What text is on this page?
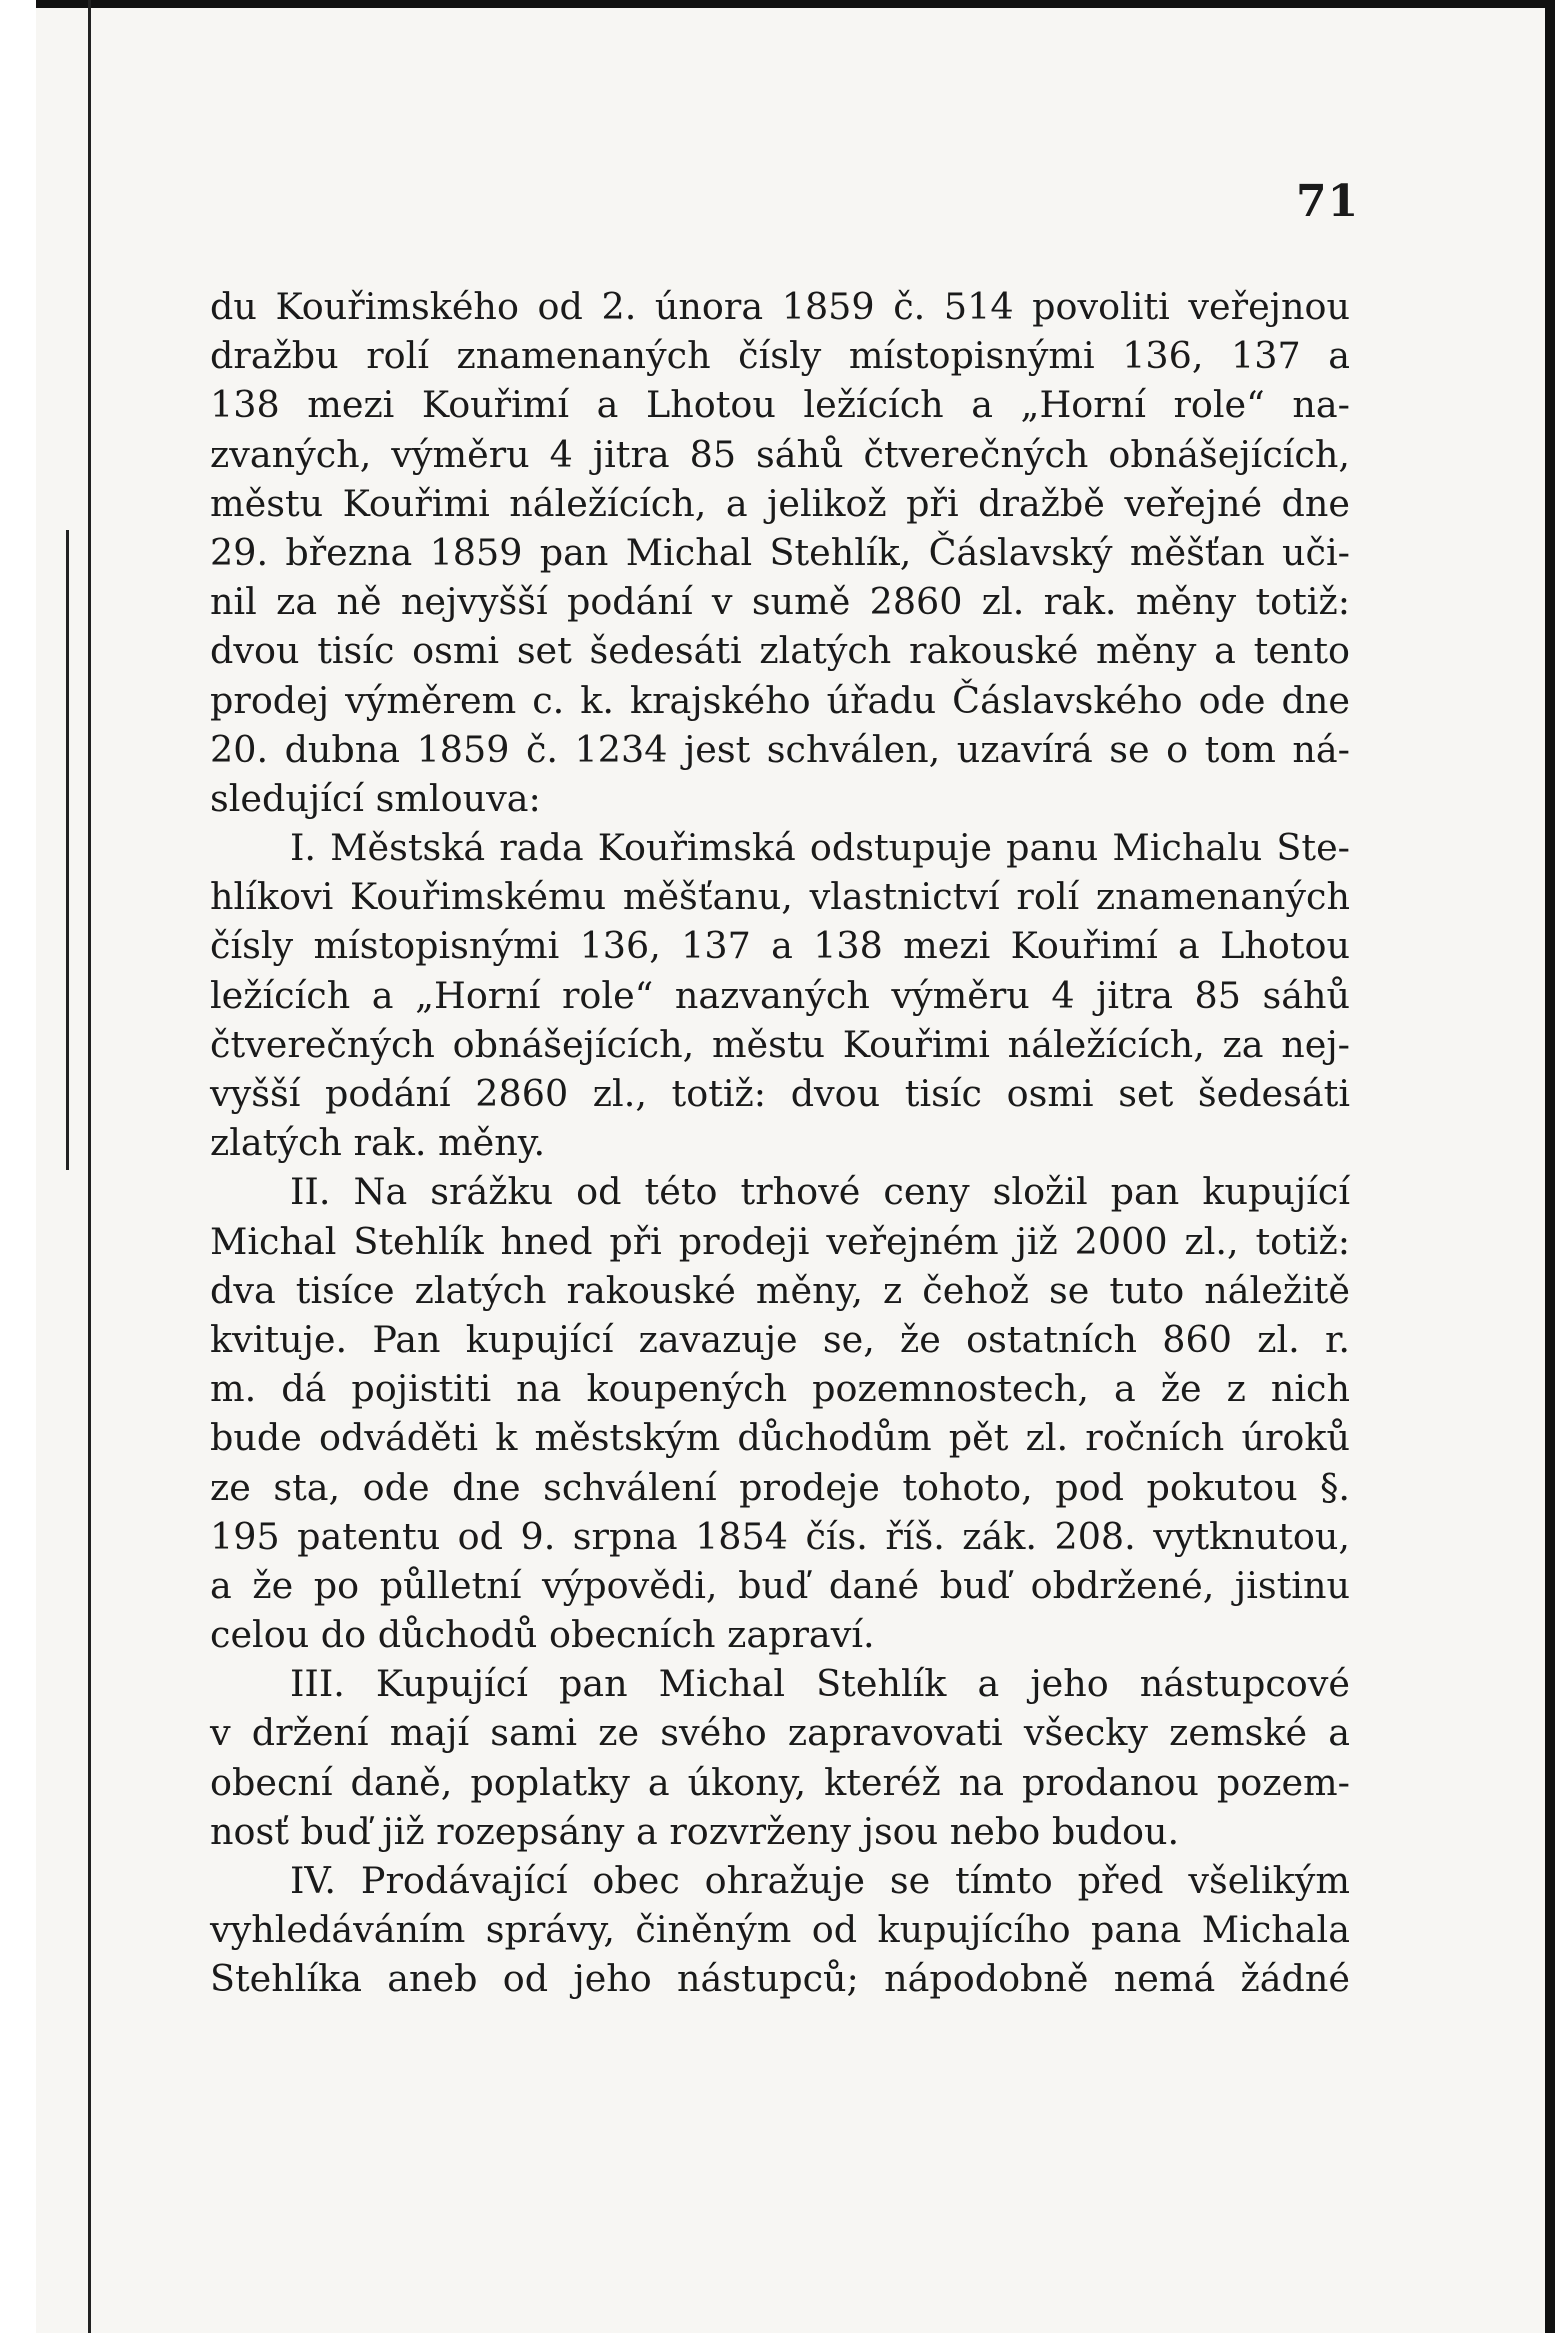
71
du Kouřimského od 2. února 1859 č. 514 povoliti veřejnou
dražbu rolí znamenaných čísly místopisnými 136, 137 a
138 mezi Kouřimí a Lhotou ležících a „Horní role“ na-
zvaných, výměru 4 jitra 85 sáhů čtverečných obnášejících,
městu Kouřimi náležících, a jelikož při dražbě veřejné dne
29. března 1859 pan Michal Stehlík, Čáslavský měšťan uči-
nil za ně nejvyšší podání v sumě 2860 zl. rak. měny totiž:
dvou tisíc osmi set šedesáti zlatých rakouské měny a tento
prodej výměrem c. k. krajského úřadu Čáslavského ode dne
20. dubna 1859 č. 1234 jest schválen, uzavírá se o tom ná-
sledující smlouva:
I. Městská rada Kouřimská odstupuje panu Michalu Ste-
hlíkovi Kouřimskému měšťanu, vlastnictví rolí znamenaných
čísly místopisnými 136, 137 a 138 mezi Kouřimí a Lhotou
ležících a „Horní role“ nazvaných výměru 4 jitra 85 sáhů
čtverečných obnášejících, městu Kouřimi náležících, za nej-
vyšší podání 2860 zl., totiž: dvou tisíc osmi set šedesáti
zlatých rak. měny.
II. Na srážku od této trhové ceny složil pan kupující
Michal Stehlík hned při prodeji veřejném již 2000 zl., totiž:
dva tisíce zlatých rakouské měny, z čehož se tuto náležitě
kvituje. Pan kupující zavazuje se, že ostatních 860 zl. r.
m. dá pojistiti na koupených pozemnostech, a že z nich
bude odváděti k městským důchodům pět zl. ročních úroků
ze sta, ode dne schválení prodeje tohoto, pod pokutou §.
195 patentu od 9. srpna 1854 čís. říš. zák. 208. vytknutou,
a že po půlletní výpovědi, buď dané buď obdržené, jistinu
celou do důchodů obecních zapraví.
III. Kupující pan Michal Stehlík a jeho nástupcové
v držení mají sami ze svého zapravovati všecky zemské a
obecní daně, poplatky a úkony, kteréž na prodanou pozem-
nosť buď již rozepsány a rozvrženy jsou nebo budou.
IV. Prodávající obec ohražuje se tímto před všelikým
vyhledáváním správy, činěným od kupujícího pana Michala
Stehlíka aneb od jeho nástupců; nápodobně nemá žádné
